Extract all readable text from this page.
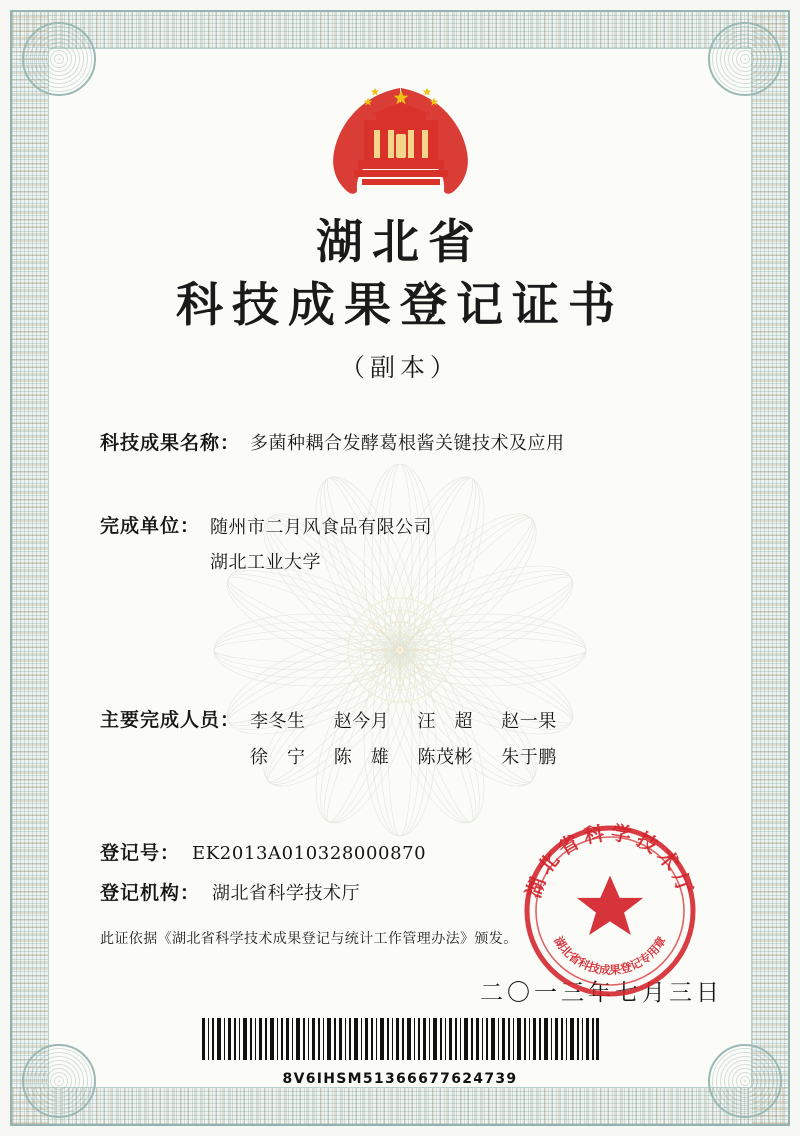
湖北省
科技成果登记证书
（副本）
科技成果名称： 多菌种耦合发酵葛根酱关键技术及应用
完成单位： 随州市二月风食品有限公司
湖北工业大学
主要完成人员： 李冬生 赵今月 汪　超 赵一果
徐　宁 陈　雄 陈茂彬 朱于鹏
登记号： EK2013A010328000870
登记机构： 湖北省科学技术厅
此证依据《湖北省科学技术成果登记与统计工作管理办法》颁发。
二〇一三年七月三日
湖北省科学技术厅
湖北省科技成果登记专用章
8V6IHSM51366677624739
